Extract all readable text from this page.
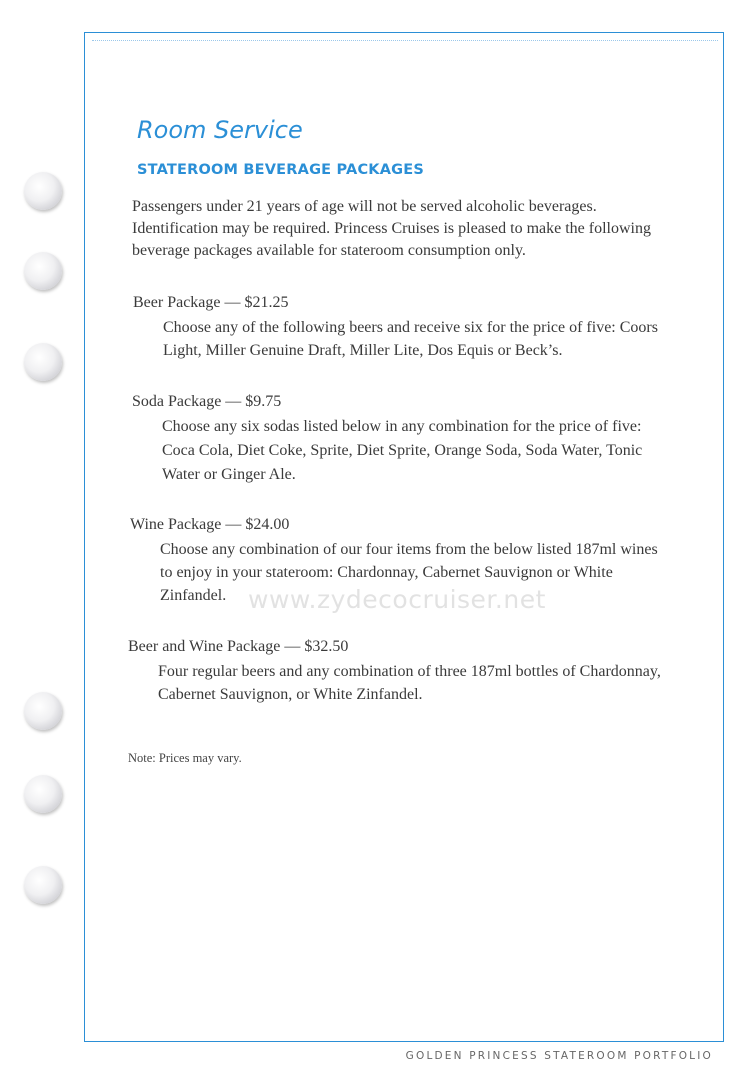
Room Service
STATEROOM BEVERAGE PACKAGES

Passengers under 21 years of age will not be served alcoholic beverages. Identification may be required. Princess Cruises is pleased to make the following beverage packages available for stateroom consumption only.

Beer Package — $21.25
Choose any of the following beers and receive six for the price of five: Coors Light, Miller Genuine Draft, Miller Lite, Dos Equis or Beck’s.
Soda Package — $9.75
Choose any six sodas listed below in any combination for the price of five: Coca Cola, Diet Coke, Sprite, Diet Sprite, Orange Soda, Soda Water, Tonic Water or Ginger Ale.
Wine Package — $24.00
Choose any combination of our four items from the below listed 187ml wines to enjoy in your stateroom: Chardonnay, Cabernet Sauvignon or White Zinfandel.
Beer and Wine Package — $32.50
Four regular beers and any combination of three 187ml bottles of Chardonnay, Cabernet Sauvignon, or White Zinfandel.

Note: Prices may vary.

www.zydecocruiser.net

GOLDEN PRINCESS STATEROOM PORTFOLIO
